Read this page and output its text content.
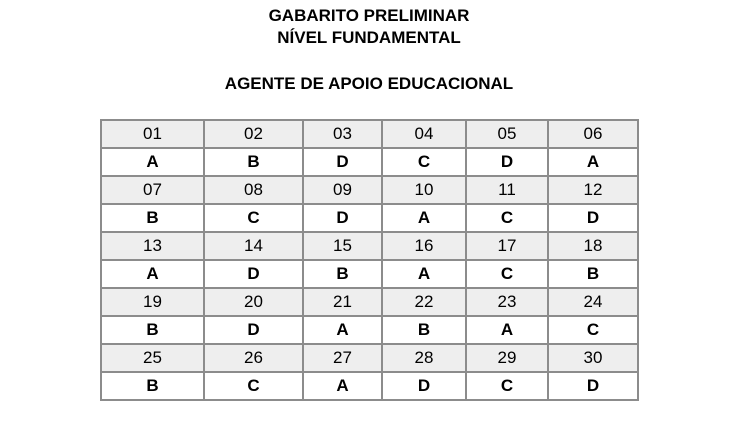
GABARITO PRELIMINAR
NÍVEL FUNDAMENTAL
AGENTE DE APOIO EDUCACIONAL
01	02	03	04	05	06
A	B	D	C	D	A
07	08	09	10	11	12
B	C	D	A	C	D
13	14	15	16	17	18
A	D	B	A	C	B
19	20	21	22	23	24
B	D	A	B	A	C
25	26	27	28	29	30
B	C	A	D	C	D
